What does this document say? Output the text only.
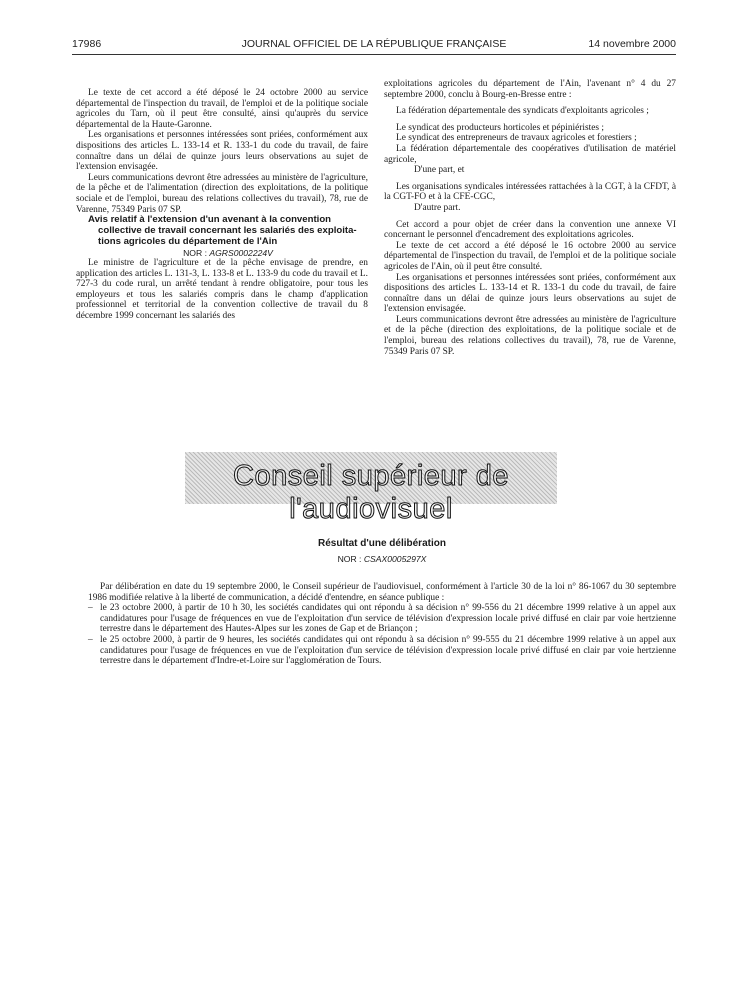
17986	JOURNAL OFFICIEL DE LA RÉPUBLIQUE FRANÇAISE	14 novembre 2000

Le texte de cet accord a été déposé le 24 octobre 2000 au service départemental de l'inspection du travail, de l'emploi et de la politique sociale agricoles du Tarn, où il peut être consulté, ainsi qu'auprès du service départemental de la Haute-Garonne.

Les organisations et personnes intéressées sont priées, conformément aux dispositions des articles L. 133-14 et R. 133-1 du code du travail, de faire connaître dans un délai de quinze jours leurs observations au sujet de l'extension envisagée.

Leurs communications devront être adressées au ministère de l'agriculture, de la pêche et de l'alimentation (direction des exploitations, de la politique sociale et de l'emploi, bureau des relations collectives du travail), 78, rue de Varenne, 75349 Paris 07 SP.

Avis relatif à l'extension d'un avenant à la convention
collective de travail concernant les salariés des exploita-
tions agricoles du département de l'Ain

NOR : AGRS0002224V

Le ministre de l'agriculture et de la pêche envisage de prendre, en application des articles L. 131-3, L. 133-8 et L. 133-9 du code du travail et L. 727-3 du code rural, un arrêté tendant à rendre obligatoire, pour tous les employeurs et tous les salariés compris dans le champ d'application professionnel et territorial de la convention collective de travail du 8 décembre 1999 concernant les salariés des

exploitations agricoles du département de l'Ain, l'avenant n° 4 du 27 septembre 2000, conclu à Bourg-en-Bresse entre :

La fédération départementale des syndicats d'exploitants agricoles ;

Le syndicat des producteurs horticoles et pépiniéristes ;

Le syndicat des entrepreneurs de travaux agricoles et forestiers ;

La fédération départementale des coopératives d'utilisation de matériel agricole,

D'une part, et

Les organisations syndicales intéressées rattachées à la CGT, à la CFDT, à la CGT-FO et à la CFE-CGC,

D'autre part.

Cet accord a pour objet de créer dans la convention une annexe VI concernant le personnel d'encadrement des exploitations agricoles.

Le texte de cet accord a été déposé le 16 octobre 2000 au service départemental de l'inspection du travail, de l'emploi et de la politique sociale agricoles de l'Ain, où il peut être consulté.

Les organisations et personnes intéressées sont priées, conformément aux dispositions des articles L. 133-14 et R. 133-1 du code du travail, de faire connaître dans un délai de quinze jours leurs observations au sujet de l'extension envisagée.

Leurs communications devront être adressées au ministère de l'agriculture et de la pêche (direction des exploitations, de la politique sociale et de l'emploi, bureau des relations collectives du travail), 78, rue de Varenne, 75349 Paris 07 SP.

Conseil supérieur de l'audiovisuel

Résultat d'une délibération

NOR : CSAX0005297X

Par délibération en date du 19 septembre 2000, le Conseil supérieur de l'audiovisuel, conformément à l'article 30 de la loi n° 86-1067 du 30 septembre 1986 modifiée relative à la liberté de communication, a décidé d'entendre, en séance publique :

– le 23 octobre 2000, à partir de 10 h 30, les sociétés candidates qui ont répondu à sa décision n° 99-556 du 21 décembre 1999 relative à un appel aux candidatures pour l'usage de fréquences en vue de l'exploitation d'un service de télévision d'expression locale privé diffusé en clair par voie hertzienne terrestre dans le département des Hautes-Alpes sur les zones de Gap et de Briançon ;
– le 25 octobre 2000, à partir de 9 heures, les sociétés candidates qui ont répondu à sa décision n° 99-555 du 21 décembre 1999 relative à un appel aux candidatures pour l'usage de fréquences en vue de l'exploitation d'un service de télévision d'expression locale privé diffusé en clair par voie hertzienne terrestre dans le département d'Indre-et-Loire sur l'agglomération de Tours.
